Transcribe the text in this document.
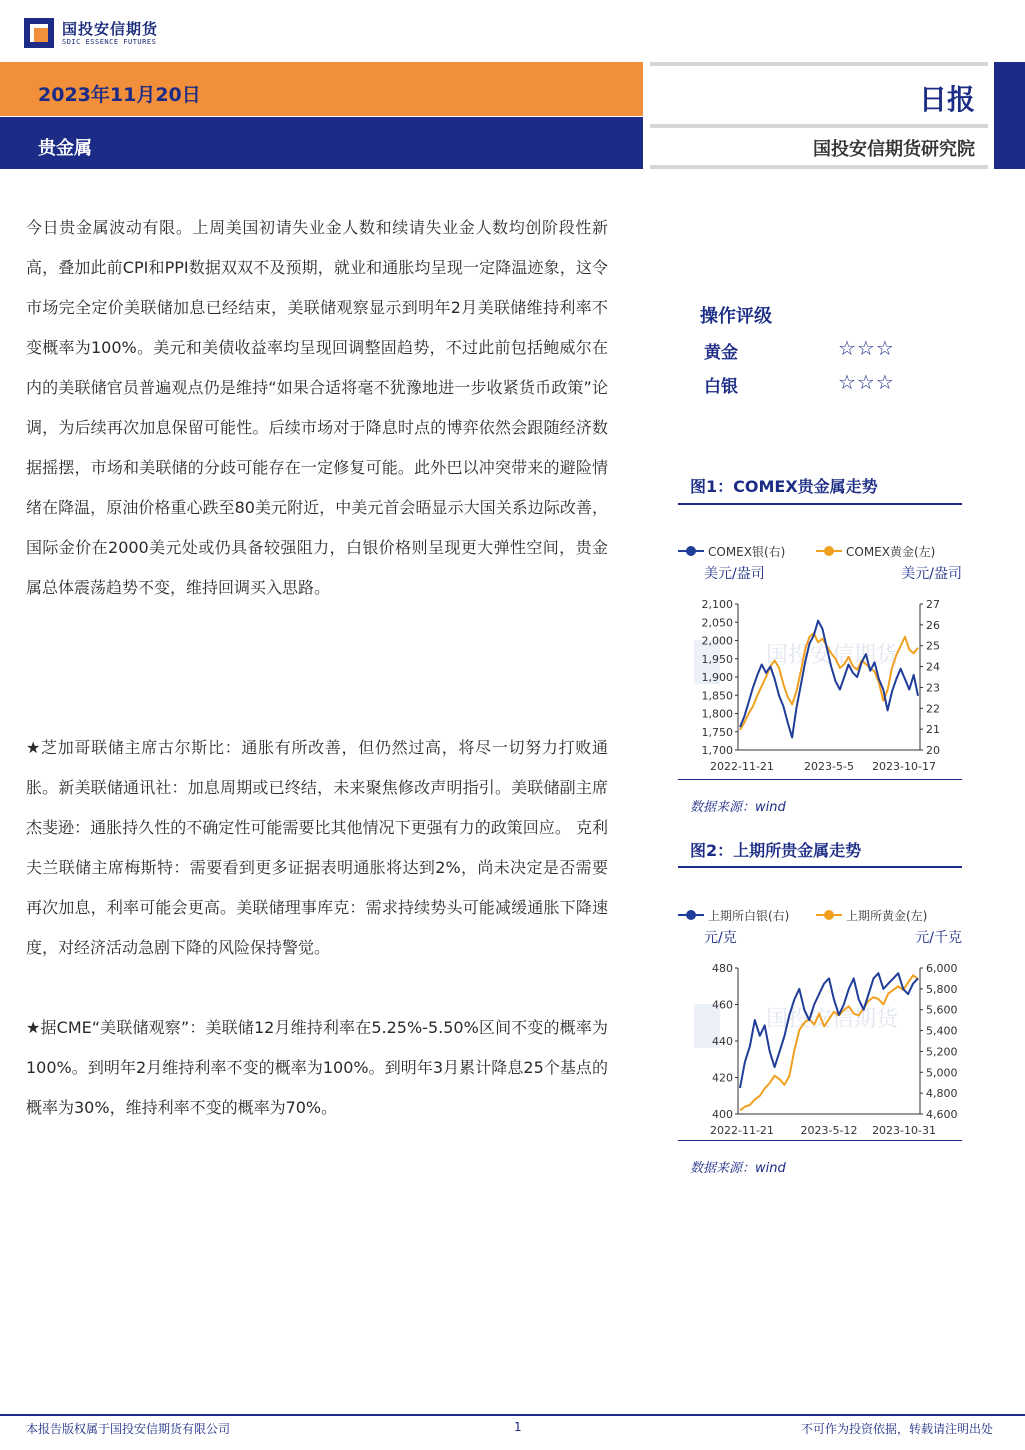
国投安信期货
SDIC ESSENCE FUTURES
2023年11月20日
贵金属
日报
国投安信期货研究院

今日贵金属波动有限。上周美国初请失业金人数和续请失业金人数均创阶段性新高，叠加此前CPI和PPI数据双双不及预期，就业和通胀均呈现一定降温迹象，这令市场完全定价美联储加息已经结束，美联储观察显示到明年2月美联储维持利率不变概率为100%。美元和美债收益率均呈现回调整固趋势，不过此前包括鲍威尔在内的美联储官员普遍观点仍是维持“如果合适将毫不犹豫地进一步收紧货币政策”论调，为后续再次加息保留可能性。后续市场对于降息时点的博弈依然会跟随经济数据摇摆，市场和美联储的分歧可能存在一定修复可能。此外巴以冲突带来的避险情绪在降温，原油价格重心跌至80美元附近，中美元首会晤显示大国关系边际改善，国际金价在2000美元处或仍具备较强阻力，白银价格则呈现更大弹性空间，贵金属总体震荡趋势不变，维持回调买入思路。

★芝加哥联储主席古尔斯比：通胀有所改善，但仍然过高，将尽一切努力打败通胀。新美联储通讯社：加息周期或已终结，未来聚焦修改声明指引。美联储副主席杰斐逊：通胀持久性的不确定性可能需要比其他情况下更强有力的政策回应。 克利夫兰联储主席梅斯特：需要看到更多证据表明通胀将达到2%，尚未决定是否需要再次加息，利率可能会更高。美联储理事库克：需求持续势头可能减缓通胀下降速度，对经济活动急剧下降的风险保持警觉。

★据CME“美联储观察”：美联储12月维持利率在5.25%-5.50%区间不变的概率为100%。到明年2月维持利率不变的概率为100%。到明年3月累计降息25个基点的概率为30%，维持利率不变的概率为70%。

操作评级
黄金	☆☆☆
白银	☆☆☆
图1：COMEX贵金属走势
COMEX银(右)	COMEX黄金(左)
美元/盎司	美元/盎司
国投安信期货
1,700
1,750
1,800
1,850
1,900
1,950
2,000
2,050
2,100
20
21
22
23
24
25
26
27
2022-11-21	2023-5-5 2023-10-17
数据来源：wind
图2：上期所贵金属走势
上期所白银(右)	上期所黄金(左)
元/克	元/千克
国投安信期货
400
420
440
460
480
4,600
4,800
5,000
5,200
5,400
5,600
5,800
6,000
2022-11-21 2023-5-12 2023-10-31
数据来源：wind
本报告版权属于国投安信期货有限公司	1	不可作为投资依据，转载请注明出处
